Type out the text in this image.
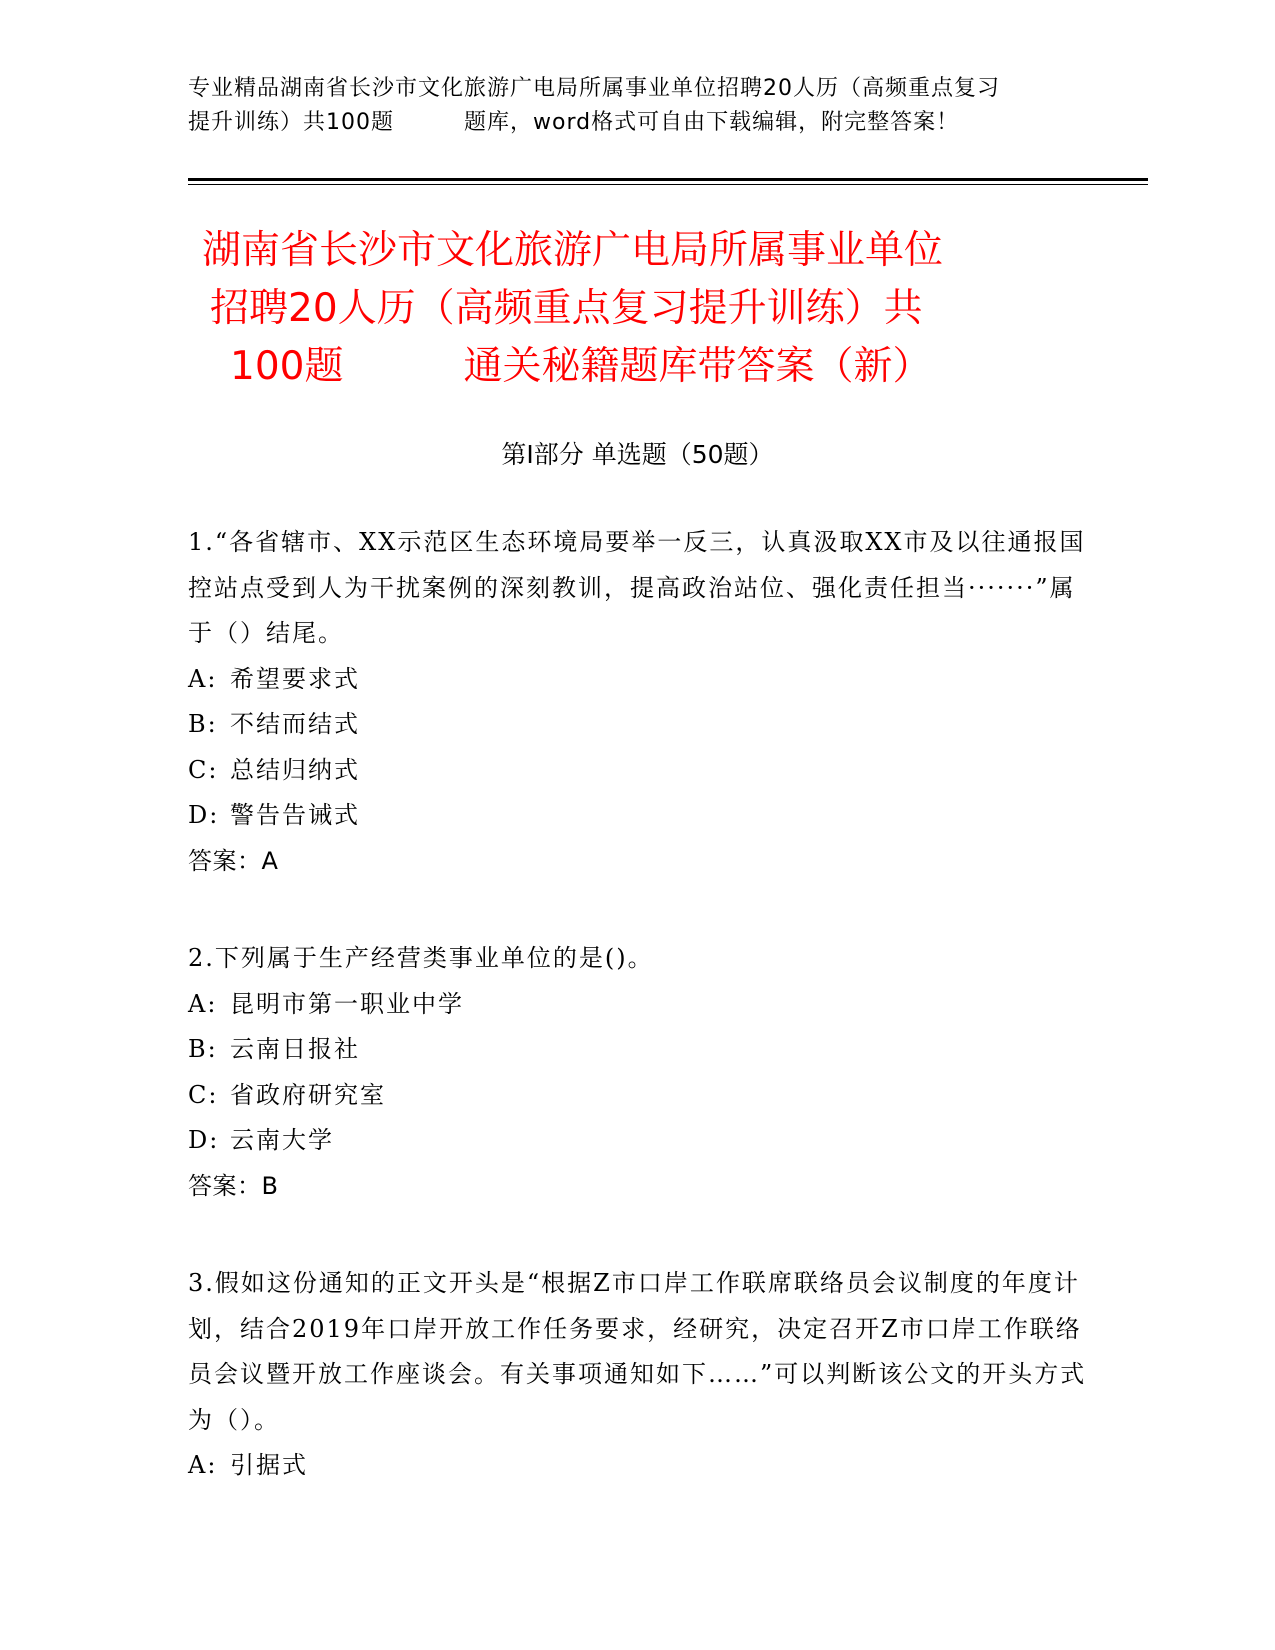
专业精品湖南省长沙市文化旅游广电局所属事业单位招聘20人历（高频重点复习
提升训练）共100题	题库，word格式可自由下载编辑，附完整答案！
湖南省长沙市文化旅游广电局所属事业单位
招聘20人历（高频重点复习提升训练）共
100题	通关秘籍题库带答案（新）
第Ⅰ部分 单选题（50题）
1.“各省辖市、XX示范区生态环境局要举一反三，认真汲取XX市及以往通报国控站点受到人为干扰案例的深刻教训，提高政治站位、强化责任担当·······”属于（）结尾。
A: 希望要求式
B: 不结而结式
C: 总结归纳式
D: 警告告诫式
答案：A
2.下列属于生产经营类事业单位的是()。
A: 昆明市第一职业中学
B: 云南日报社
C: 省政府研究室
D: 云南大学
答案：B
3.假如这份通知的正文开头是“根据Z市口岸工作联席联络员会议制度的年度计划，结合2019年口岸开放工作任务要求，经研究，决定召开Z市口岸工作联络员会议暨开放工作座谈会。有关事项通知如下……”可以判断该公文的开头方式为（）。
A: 引据式
